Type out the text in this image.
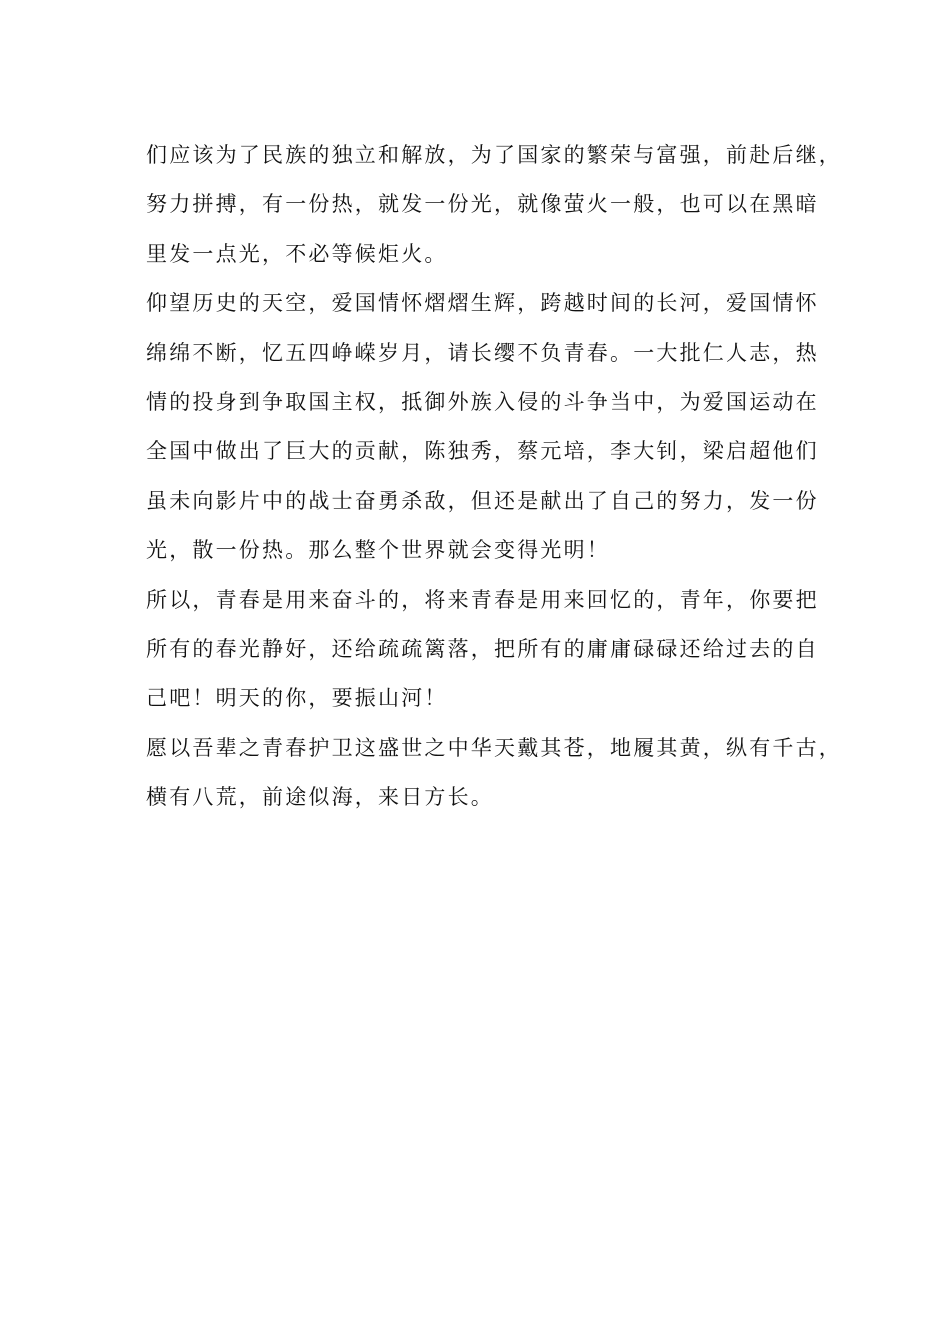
们应该为了民族的独立和解放，为了国家的繁荣与富强，前赴后继，
努力拼搏，有一份热，就发一份光，就像萤火一般，也可以在黑暗
里发一点光，不必等候炬火。
仰望历史的天空，爱国情怀熠熠生辉，跨越时间的长河，爱国情怀
绵绵不断，忆五四峥嵘岁月，请长缨不负青春。一大批仁人志，热
情的投身到争取国主权，抵御外族入侵的斗争当中，为爱国运动在
全国中做出了巨大的贡献，陈独秀，蔡元培，李大钊，梁启超他们
虽未向影片中的战士奋勇杀敌，但还是献出了自己的努力，发一份
光，散一份热。那么整个世界就会变得光明！
所以，青春是用来奋斗的，将来青春是用来回忆的，青年，你要把
所有的春光静好，还给疏疏篱落，把所有的庸庸碌碌还给过去的自
己吧！明天的你，要振山河！
愿以吾辈之青春护卫这盛世之中华天戴其苍，地履其黄，纵有千古，
横有八荒，前途似海，来日方长。
